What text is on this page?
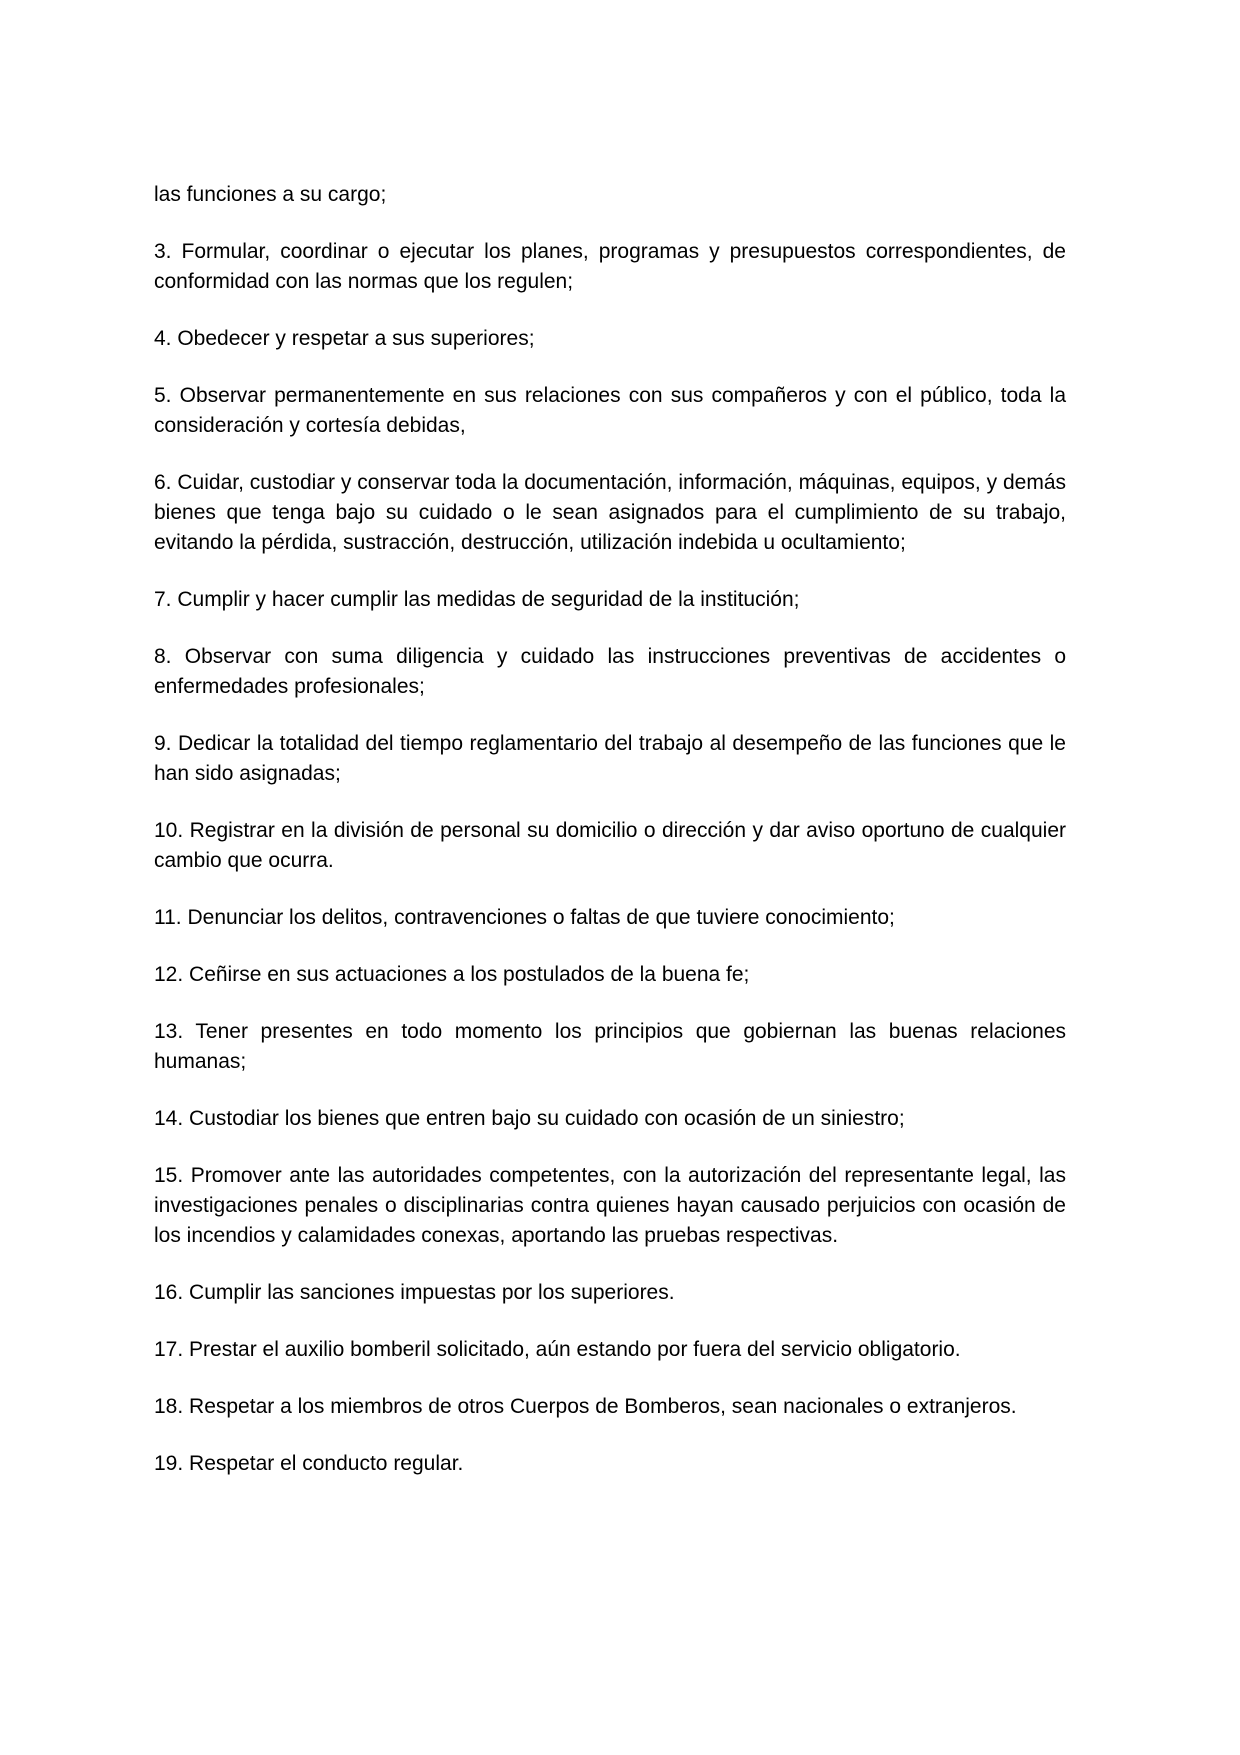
las funciones a su cargo;

3. Formular, coordinar o ejecutar los planes, programas y presupuestos correspondientes, de conformidad con las normas que los regulen;

4. Obedecer y respetar a sus superiores;

5. Observar permanentemente en sus relaciones con sus compañeros y con el público, toda la consideración y cortesía debidas,

6. Cuidar, custodiar y conservar toda la documentación, información, máquinas, equipos, y demás bienes que tenga bajo su cuidado o le sean asignados para el cumplimiento de su trabajo, evitando la pérdida, sustracción, destrucción, utilización indebida u ocultamiento;

7. Cumplir y hacer cumplir las medidas de seguridad de la institución;

8. Observar con suma diligencia y cuidado las instrucciones preventivas de accidentes o enfermedades profesionales;

9. Dedicar la totalidad del tiempo reglamentario del trabajo al desempeño de las funciones que le han sido asignadas;

10. Registrar en la división de personal su domicilio o dirección y dar aviso oportuno de cualquier cambio que ocurra.

11. Denunciar los delitos, contravenciones o faltas de que tuviere conocimiento;

12. Ceñirse en sus actuaciones a los postulados de la buena fe;

13. Tener presentes en todo momento los principios que gobiernan las buenas relaciones humanas;

14. Custodiar los bienes que entren bajo su cuidado con ocasión de un siniestro;

15. Promover ante las autoridades competentes, con la autorización del representante legal, las investigaciones penales o disciplinarias contra quienes hayan causado perjuicios con ocasión de los incendios y calamidades conexas, aportando las pruebas respectivas.

16. Cumplir las sanciones impuestas por los superiores.

17. Prestar el auxilio bomberil solicitado, aún estando por fuera del servicio obligatorio.

18. Respetar a los miembros de otros Cuerpos de Bomberos, sean nacionales o extranjeros.

19. Respetar el conducto regular.
